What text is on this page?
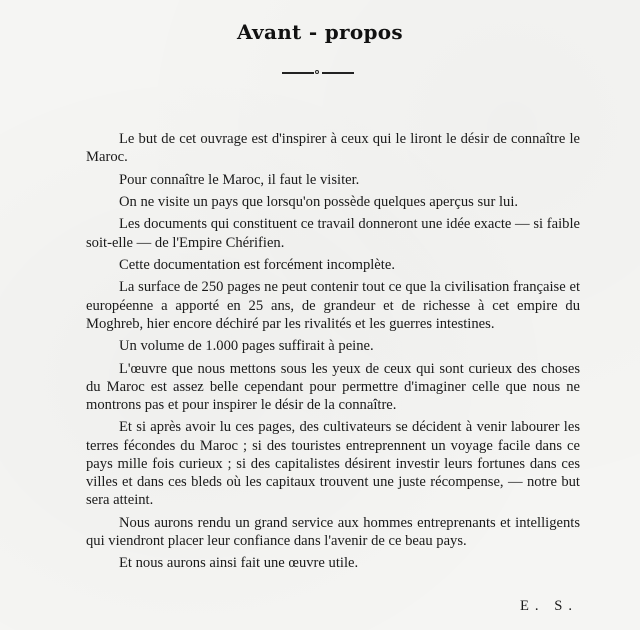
Avant - propos

Le but de cet ouvrage est d'inspirer à ceux qui le liront le désir de connaître le Maroc.

Pour connaître le Maroc, il faut le visiter.

On ne visite un pays que lorsqu'on possède quelques aperçus sur lui.

Les documents qui constituent ce travail donneront une idée exacte — si faible soit-elle — de l'Empire Chérifien.

Cette documentation est forcément incomplète.

La surface de 250 pages ne peut contenir tout ce que la civilisation française et européenne a apporté en 25 ans, de grandeur et de richesse à cet empire du Moghreb, hier encore déchiré par les rivalités et les guerres intestines.

Un volume de 1.000 pages suffirait à peine.

L'œuvre que nous mettons sous les yeux de ceux qui sont curieux des choses du Maroc est assez belle cependant pour permettre d'imaginer celle que nous ne montrons pas et pour inspirer le désir de la connaître.

Et si après avoir lu ces pages, des cultivateurs se décident à venir labourer les terres fécondes du Maroc ; si des touristes entreprennent un voyage facile dans ce pays mille fois curieux ; si des capitalistes désirent investir leurs fortunes dans ces villes et dans ces bleds où les capitaux trouvent une juste récompense, — notre but sera atteint.

Nous aurons rendu un grand service aux hommes entreprenants et intelligents qui viendront placer leur confiance dans l'avenir de ce beau pays.

Et nous aurons ainsi fait une œuvre utile.

E. S.
